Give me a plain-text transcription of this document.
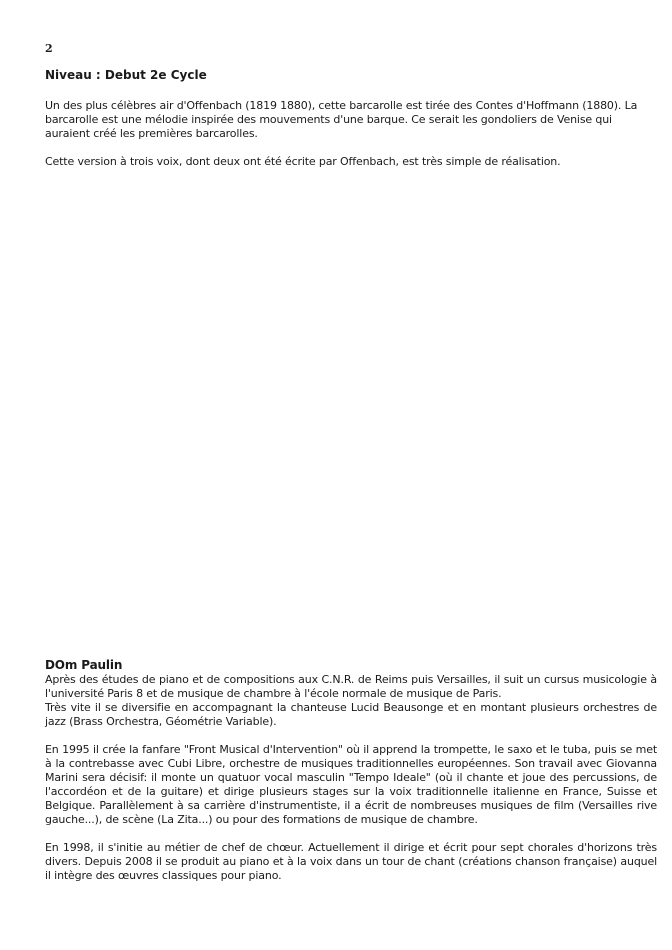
2
Niveau : Debut 2e Cycle

Un des plus célèbres air d'Offenbach (1819 1880), cette barcarolle est tirée des Contes d'Hoffmann (1880). La barcarolle est une mélodie inspirée des mouvements d'une barque. Ce serait les gondoliers de Venise qui auraient créé les premières barcarolles.

Cette version à trois voix, dont deux ont été écrite par Offenbach, est très simple de réalisation.

DOm Paulin

Après des études de piano et de compositions aux C.N.R. de Reims puis Versailles, il suit un cursus musicologie à l'université Paris 8 et de musique de chambre à l'école normale de musique de Paris.

Très vite il se diversifie en accompagnant la chanteuse Lucid Beausonge et en montant plusieurs orchestres de jazz (Brass Orchestra, Géométrie Variable).

En 1995 il crée la fanfare "Front Musical d'Intervention" où il apprend la trompette, le saxo et le tuba, puis se met à la contrebasse avec Cubi Libre, orchestre de musiques traditionnelles européennes. Son travail avec Giovanna Marini sera décisif: il monte un quatuor vocal masculin "Tempo Ideale" (où il chante et joue des percussions, de l'accordéon et de la guitare) et dirige plusieurs stages sur la voix traditionnelle italienne en France, Suisse et Belgique. Parallèlement à sa carrière d'instrumentiste, il a écrit de nombreuses musiques de film (Versailles rive gauche...), de scène (La Zita...) ou pour des formations de musique de chambre.

En 1998, il s'initie au métier de chef de chœur. Actuellement il dirige et écrit pour sept chorales d'horizons très divers. Depuis 2008 il se produit au piano et à la voix dans un tour de chant (créations chanson française) auquel il intègre des œuvres classiques pour piano.
